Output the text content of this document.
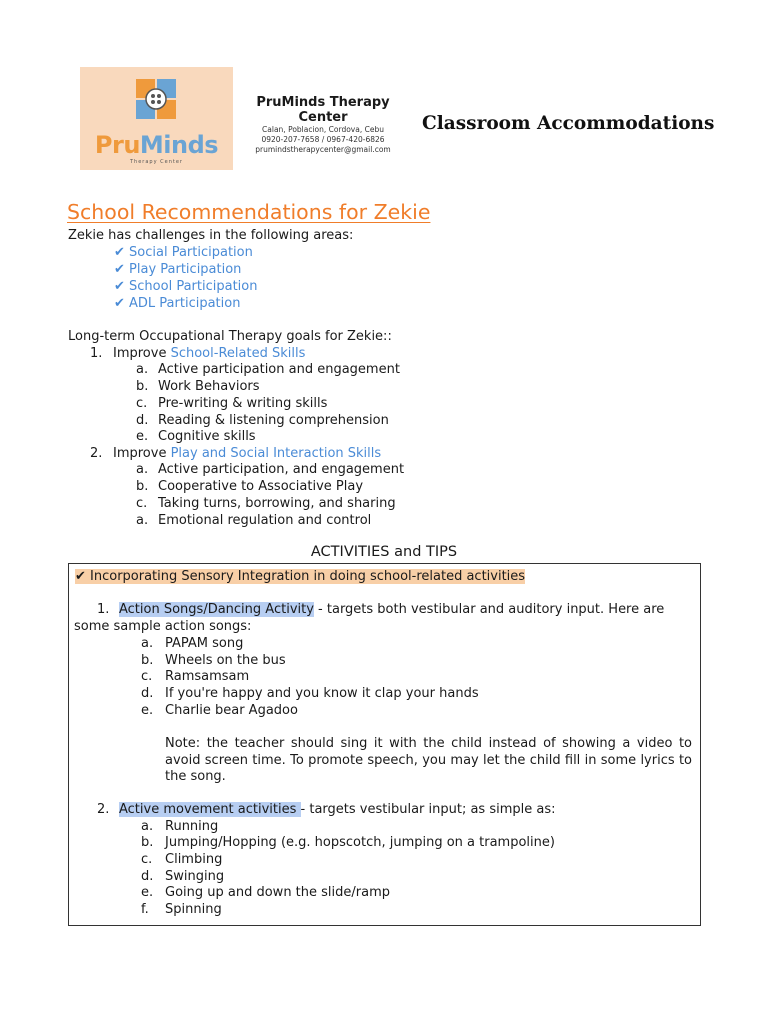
PruMinds
Therapy Center
PruMinds Therapy Center
Calan, Poblacion, Cordova, Cebu
0920-207-7658 / 0967-420-6826
prumindstherapycenter@gmail.com
Classroom Accommodations
School Recommendations for Zekie
Zekie has challenges in the following areas:
✔ Social Participation
✔ Play Participation
✔ School Participation
✔ ADL Participation
Long-term Occupational Therapy goals for Zekie::
1. Improve School-Related Skills
a. Active participation and engagement
b. Work Behaviors
c. Pre-writing & writing skills
d. Reading & listening comprehension
e. Cognitive skills
2. Improve Play and Social Interaction Skills
a. Active participation, and engagement
b. Cooperative to Associative Play
c. Taking turns, borrowing, and sharing
a. Emotional regulation and control
ACTIVITIES and TIPS
✔ Incorporating Sensory Integration in doing school-related activities
1. Action Songs/Dancing Activity - targets both vestibular and auditory input. Here are
some sample action songs:
a. PAPAM song
b. Wheels on the bus
c. Ramsamsam
d. If you're happy and you know it clap your hands
e. Charlie bear Agadoo
Note: the teacher should sing it with the child instead of showing a video to avoid screen time. To promote speech, you may let the child fill in some lyrics to the song.
2. Active movement activities - targets vestibular input; as simple as:
a. Running
b. Jumping/Hopping (e.g. hopscotch, jumping on a trampoline)
c. Climbing
d. Swinging
e. Going up and down the slide/ramp
f. Spinning
